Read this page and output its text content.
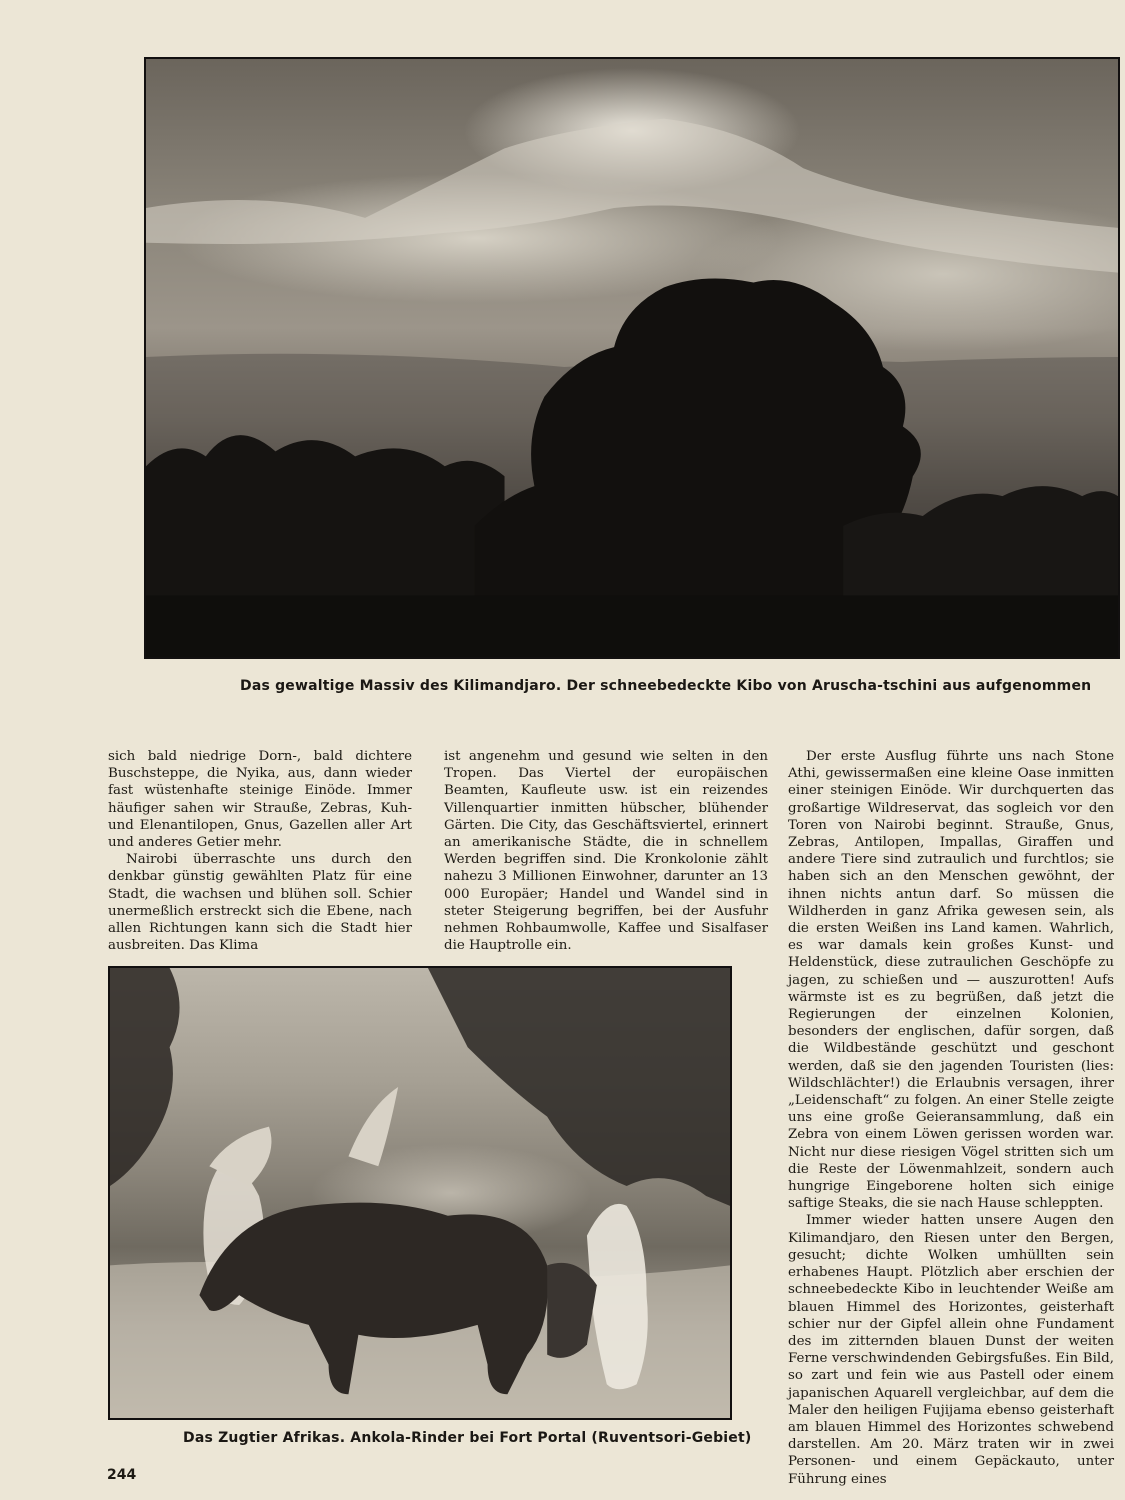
Das gewaltige Massiv des Kilimandjaro. Der schneebedeckte Kibo von Aruscha-tschini aus aufgenommen

sich bald niedrige Dorn-, bald dichtere Buschsteppe, die Nyika, aus, dann wieder fast wüstenhafte steinige Einöde. Immer häufiger sahen wir Strauße, Zebras, Kuh- und Elenantilopen, Gnus, Gazellen aller Art und anderes Getier mehr.

Nairobi überraschte uns durch den denkbar günstig gewählten Platz für eine Stadt, die wachsen und blühen soll. Schier unermeßlich erstreckt sich die Ebene, nach allen Richtungen kann sich die Stadt hier ausbreiten. Das Klima

ist angenehm und gesund wie selten in den Tropen. Das Viertel der europäischen Beamten, Kaufleute usw. ist ein reizendes Villenquartier inmitten hübscher, blühender Gärten. Die City, das Geschäftsviertel, erinnert an amerikanische Städte, die in schnellem Werden begriffen sind. Die Kronkolonie zählt nahezu 3 Millionen Einwohner, darunter an 13 000 Europäer; Handel und Wandel sind in steter Steigerung begriffen, bei der Ausfuhr nehmen Rohbaumwolle, Kaffee und Sisalfaser die Hauptrolle ein.

Der erste Ausflug führte uns nach Stone Athi, gewissermaßen eine kleine Oase inmitten einer steinigen Einöde. Wir durchquerten das großartige Wildreservat, das sogleich vor den Toren von Nairobi beginnt. Strauße, Gnus, Zebras, Antilopen, Impallas, Giraffen und andere Tiere sind zutraulich und furchtlos; sie haben sich an den Menschen gewöhnt, der ihnen nichts antun darf. So müssen die Wildherden in ganz Afrika gewesen sein, als die ersten Weißen ins Land kamen. Wahrlich, es war damals kein großes Kunst- und Heldenstück, diese zutraulichen Geschöpfe zu jagen, zu schießen und — auszurotten! Aufs wärmste ist es zu begrüßen, daß jetzt die Regierungen der einzelnen Kolonien, besonders der englischen, dafür sorgen, daß die Wildbestände geschützt und geschont werden, daß sie den jagenden Touristen (lies: Wildschlächter!) die Erlaubnis versagen, ihrer „Leidenschaft“ zu folgen. An einer Stelle zeigte uns eine große Geieransammlung, daß ein Zebra von einem Löwen gerissen worden war. Nicht nur diese riesigen Vögel stritten sich um die Reste der Löwenmahlzeit, sondern auch hungrige Eingeborene holten sich einige saftige Steaks, die sie nach Hause schleppten.

Immer wieder hatten unsere Augen den Kilimandjaro, den Riesen unter den Bergen, gesucht; dichte Wolken umhüllten sein erhabenes Haupt. Plötzlich aber erschien der schneebedeckte Kibo in leuchtender Weiße am blauen Himmel des Horizontes, geisterhaft schier nur der Gipfel allein ohne Fundament des im zitternden blauen Dunst der weiten Ferne verschwindenden Gebirgsfußes. Ein Bild, so zart und fein wie aus Pastell oder einem japanischen Aquarell vergleichbar, auf dem die Maler den heiligen Fujijama ebenso geisterhaft am blauen Himmel des Horizontes schwebend darstellen. Am 20. März traten wir in zwei Personen- und einem Gepäckauto, unter Führung eines

Das Zugtier Afrikas. Ankola-Rinder bei Fort Portal (Ruventsori-Gebiet)

244
